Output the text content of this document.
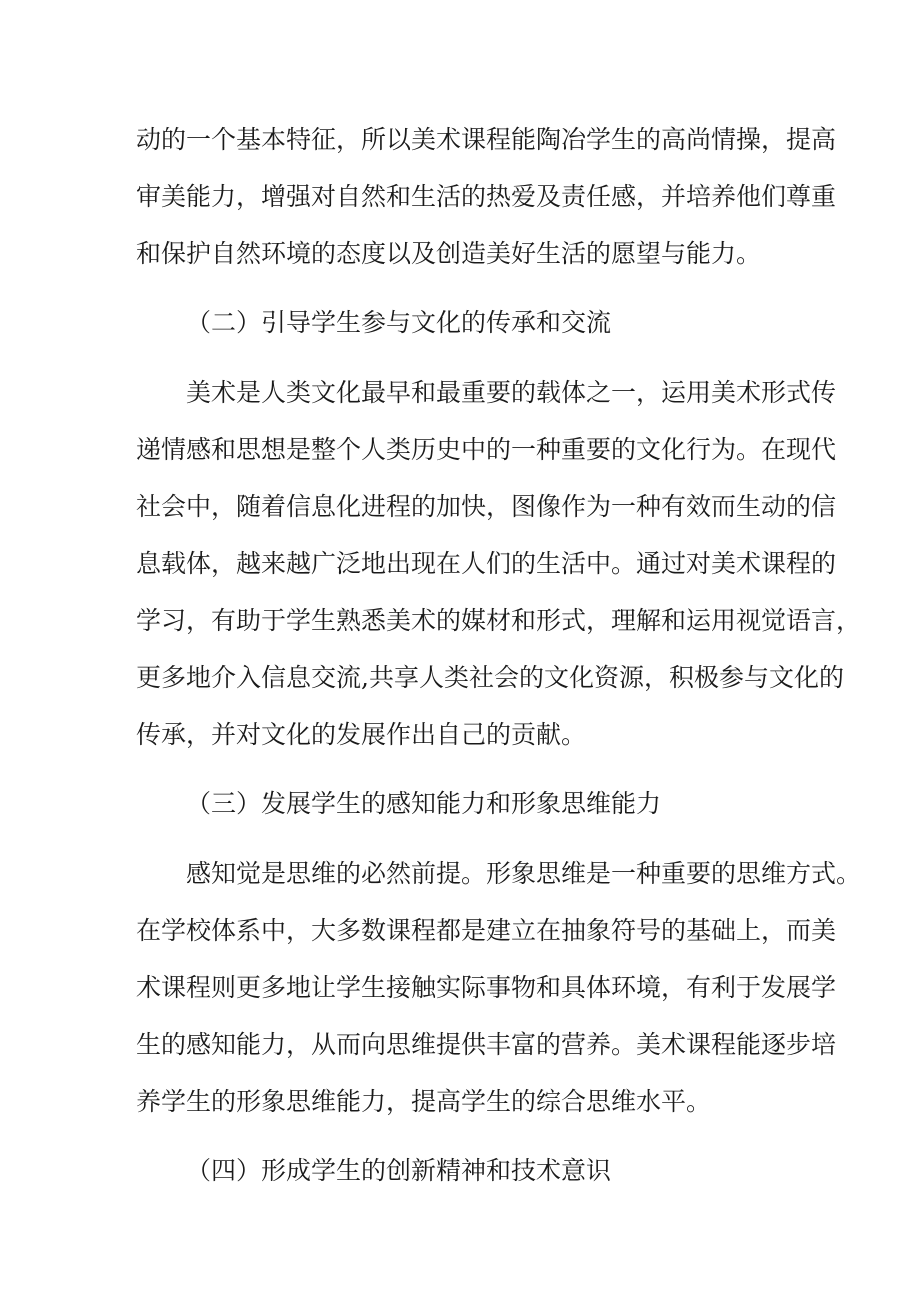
动的一个基本特征，所以美术课程能陶冶学生的高尚情操，提高
审美能力，增强对自然和生活的热爱及责任感，并培养他们尊重
和保护自然环境的态度以及创造美好生活的愿望与能力。
（二）引导学生参与文化的传承和交流
美术是人类文化最早和最重要的载体之一，运用美术形式传
递情感和思想是整个人类历史中的一种重要的文化行为。在现代
社会中，随着信息化进程的加快，图像作为一种有效而生动的信
息载体，越来越广泛地出现在人们的生活中。通过对美术课程的
学习，有助于学生熟悉美术的媒材和形式，理解和运用视觉语言，
更多地介入信息交流,共享人类社会的文化资源，积极参与文化的
传承，并对文化的发展作出自己的贡献。
（三）发展学生的感知能力和形象思维能力
感知觉是思维的必然前提。形象思维是一种重要的思维方式。
在学校体系中，大多数课程都是建立在抽象符号的基础上，而美
术课程则更多地让学生接触实际事物和具体环境，有利于发展学
生的感知能力，从而向思维提供丰富的营养。美术课程能逐步培
养学生的形象思维能力，提高学生的综合思维水平。
（四）形成学生的创新精神和技术意识
